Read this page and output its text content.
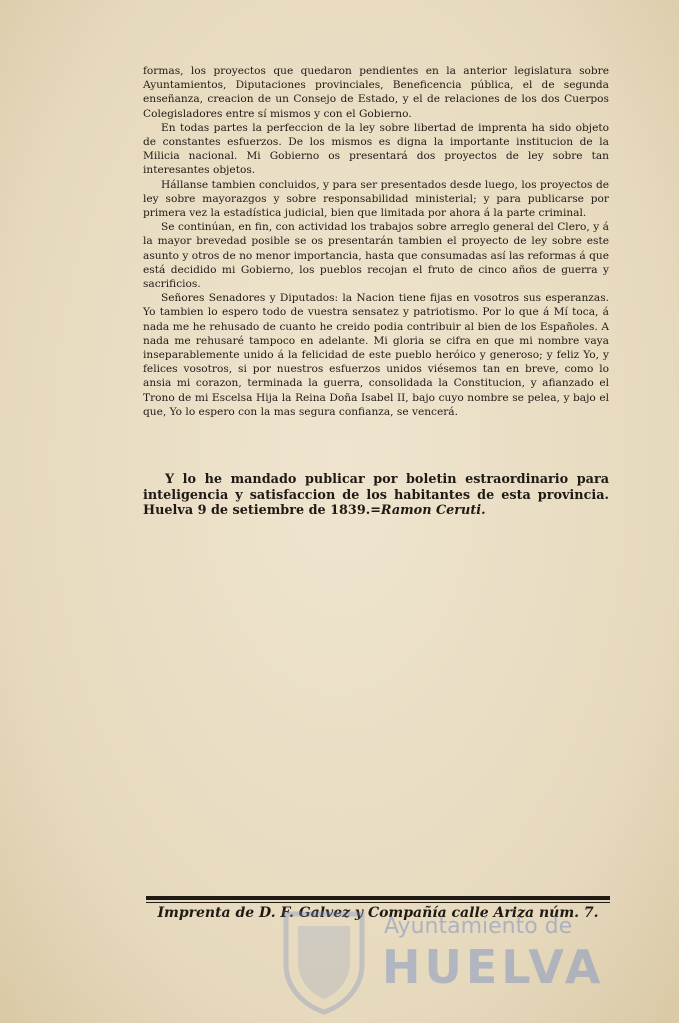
formas, los proyectos que quedaron pendientes en la anterior legislatura sobre Ayuntamientos, Diputaciones provinciales, Beneficencia pública, el de segunda enseñanza, creacion de un Consejo de Estado, y el de relaciones de los dos Cuerpos Colegisladores entre sí mismos y con el Gobierno.

En todas partes la perfeccion de la ley sobre libertad de imprenta ha sido objeto de constantes esfuerzos. De los mismos es digna la importante institucion de la Milicia nacional. Mi Gobierno os presentará dos proyectos de ley sobre tan interesantes objetos.

Hállanse tambien concluidos, y para ser presentados desde luego, los proyectos de ley sobre mayorazgos y sobre responsabilidad ministerial; y para publicarse por primera vez la estadística judicial, bien que limitada por ahora á la parte criminal.

Se continúan, en fin, con actividad los trabajos sobre arreglo general del Clero, y á la mayor brevedad posible se os presentarán tambien el proyecto de ley sobre este asunto y otros de no menor importancia, hasta que consumadas así las reformas á que está decidido mi Gobierno, los pueblos recojan el fruto de cinco años de guerra y sacrificios.

Señores Senadores y Diputados: la Nacion tiene fijas en vosotros sus esperanzas. Yo tambien lo espero todo de vuestra sensatez y patriotismo. Por lo que á Mí toca, á nada me he rehusado de cuanto he creido podia contribuir al bien de los Españoles. A nada me rehusaré tampoco en adelante. Mi gloria se cifra en que mi nombre vaya inseparablemente unido á la felicidad de este pueblo heróico y generoso; y feliz Yo, y felices vosotros, si por nuestros esfuerzos unidos viésemos tan en breve, como lo ansia mi corazon, terminada la guerra, consolidada la Constitucion, y afianzado el Trono de mi Escelsa Hija la Reina Doña Isabel II, bajo cuyo nombre se pelea, y bajo el que, Yo lo espero con la mas segura confianza, se vencerá.

Y lo he mandado publicar por boletin estraordinario para inteligencia y satisfaccion de los habitantes de esta provincia. Huelva 9 de setiembre de 1839.=Ramon Ceruti.

Imprenta de D. F. Galvez y Compañía calle Ariza núm. 7.
Ayuntamiento de
HUELVA
